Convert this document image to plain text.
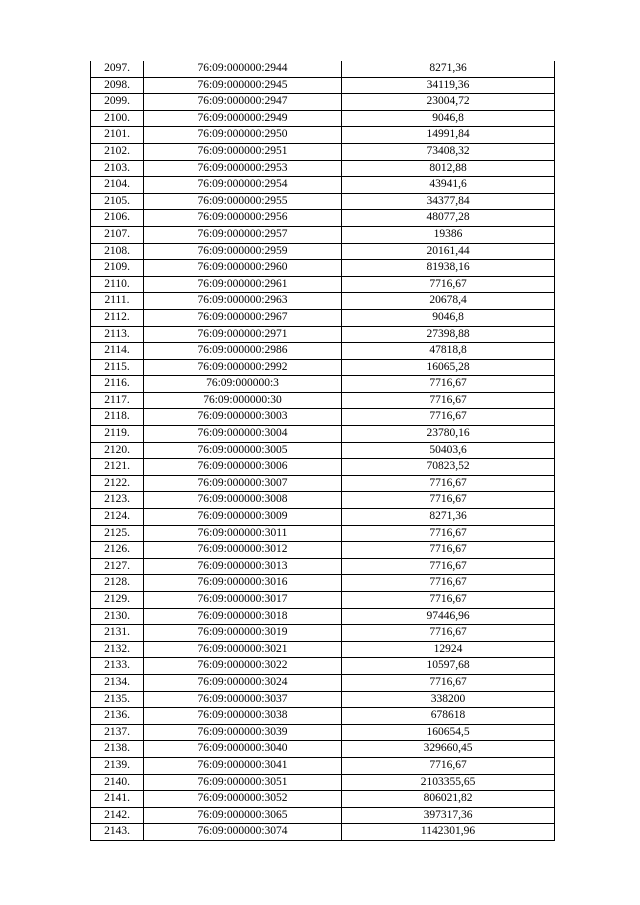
2097.	76:09:000000:2944	8271,36
2098.	76:09:000000:2945	34119,36
2099.	76:09:000000:2947	23004,72
2100.	76:09:000000:2949	9046,8
2101.	76:09:000000:2950	14991,84
2102.	76:09:000000:2951	73408,32
2103.	76:09:000000:2953	8012,88
2104.	76:09:000000:2954	43941,6
2105.	76:09:000000:2955	34377,84
2106.	76:09:000000:2956	48077,28
2107.	76:09:000000:2957	19386
2108.	76:09:000000:2959	20161,44
2109.	76:09:000000:2960	81938,16
2110.	76:09:000000:2961	7716,67
2111.	76:09:000000:2963	20678,4
2112.	76:09:000000:2967	9046,8
2113.	76:09:000000:2971	27398,88
2114.	76:09:000000:2986	47818,8
2115.	76:09:000000:2992	16065,28
2116.	76:09:000000:3	7716,67
2117.	76:09:000000:30	7716,67
2118.	76:09:000000:3003	7716,67
2119.	76:09:000000:3004	23780,16
2120.	76:09:000000:3005	50403,6
2121.	76:09:000000:3006	70823,52
2122.	76:09:000000:3007	7716,67
2123.	76:09:000000:3008	7716,67
2124.	76:09:000000:3009	8271,36
2125.	76:09:000000:3011	7716,67
2126.	76:09:000000:3012	7716,67
2127.	76:09:000000:3013	7716,67
2128.	76:09:000000:3016	7716,67
2129.	76:09:000000:3017	7716,67
2130.	76:09:000000:3018	97446,96
2131.	76:09:000000:3019	7716,67
2132.	76:09:000000:3021	12924
2133.	76:09:000000:3022	10597,68
2134.	76:09:000000:3024	7716,67
2135.	76:09:000000:3037	338200
2136.	76:09:000000:3038	678618
2137.	76:09:000000:3039	160654,5
2138.	76:09:000000:3040	329660,45
2139.	76:09:000000:3041	7716,67
2140.	76:09:000000:3051	2103355,65
2141.	76:09:000000:3052	806021,82
2142.	76:09:000000:3065	397317,36
2143.	76:09:000000:3074	1142301,96
